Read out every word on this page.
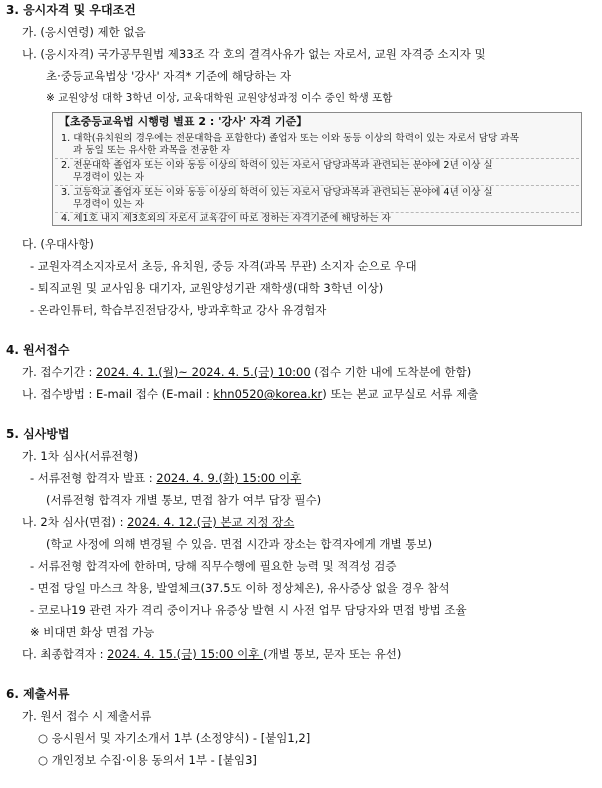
3. 응시자격 및 우대조건
가. (응시연령) 제한 없음
나. (응시자격) 국가공무원법 제33조 각 호의 결격사유가 없는 자로서, 교원 자격증 소지자 및
초·중등교육법상 '강사' 자격* 기준에 해당하는 자
※ 교원양성 대학 3학년 이상, 교육대학원 교원양성과정 이수 중인 학생 포함
【초중등교육법 시행령 별표 2 : '강사' 자격 기준】
1. 대학(유치원의 경우에는 전문대학을 포함한다) 졸업자 또는 이와 동등 이상의 학력이 있는 자로서 담당 과목
과 동일 또는 유사한 과목을 전공한 자
2. 전문대학 졸업자 또는 이와 동등 이상의 학력이 있는 자로서 담당과목과 관련되는 분야에 2년 이상 실
무경력이 있는 자
3. 고등학교 졸업자 또는 이와 동등 이상의 학력이 있는 자로서 담당과목과 관련되는 분야에 4년 이상 실
무경력이 있는 자
4. 제1호 내지 제3호외의 자로서 교육감이 따로 정하는 자격기준에 해당하는 자
다. (우대사항)
- 교원자격소지자로서 초등, 유치원, 중등 자격(과목 무관) 소지자 순으로 우대
- 퇴직교원 및 교사임용 대기자, 교원양성기관 재학생(대학 3학년 이상)
- 온라인튜터, 학습부진전담강사, 방과후학교 강사 유경험자
4. 원서접수
가. 접수기간 : 2024. 4. 1.(월)~ 2024. 4. 5.(금) 10:00 (접수 기한 내에 도착분에 한함)
나. 접수방법 : E-mail 접수 (E-mail : khn0520@korea.kr) 또는 본교 교무실로 서류 제출
5. 심사방법
가. 1차 심사(서류전형)
- 서류전형 합격자 발표 : 2024. 4. 9.(화) 15:00 이후
(서류전형 합격자 개별 통보, 면접 참가 여부 답장 필수)
나. 2차 심사(면접) : 2024. 4. 12.(금) 본교 지정 장소
(학교 사정에 의해 변경될 수 있음. 면접 시간과 장소는 합격자에게 개별 통보)
- 서류전형 합격자에 한하며, 당해 직무수행에 필요한 능력 및 적격성 검증
- 면접 당일 마스크 착용, 발열체크(37.5도 이하 정상체온), 유사증상 없을 경우 참석
- 코로나19 관련 자가 격리 중이거나 유증상 발현 시 사전 업무 담당자와 면접 방법 조율
※ 비대면 화상 면접 가능
다. 최종합격자 : 2024. 4. 15.(금) 15:00 이후 (개별 통보, 문자 또는 유선)
6. 제출서류
가. 원서 접수 시 제출서류
○ 응시원서 및 자기소개서 1부 (소정양식) - [붙임1,2]
○ 개인정보 수집·이용 동의서 1부 - [붙임3]
